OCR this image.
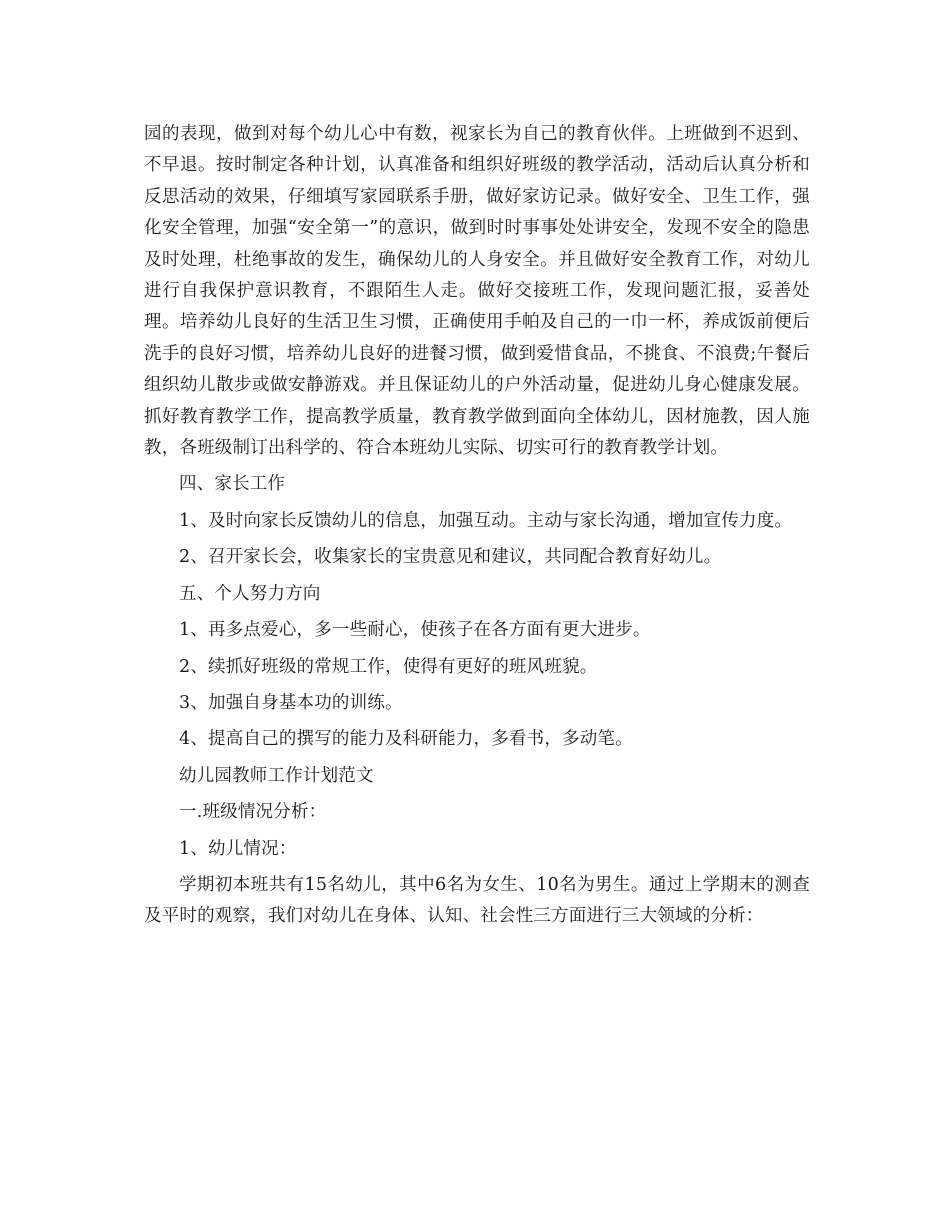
园的表现，做到对每个幼儿心中有数，视家长为自己的教育伙伴。上班做到不迟到、不早退。按时制定各种计划，认真准备和组织好班级的教学活动，活动后认真分析和反思活动的效果，仔细填写家园联系手册，做好家访记录。做好安全、卫生工作，强化安全管理，加强“安全第一”的意识，做到时时事事处处讲安全，发现不安全的隐患及时处理，杜绝事故的发生，确保幼儿的人身安全。并且做好安全教育工作，对幼儿进行自我保护意识教育，不跟陌生人走。做好交接班工作，发现问题汇报，妥善处理。培养幼儿良好的生活卫生习惯，正确使用手帕及自己的一巾一杯，养成饭前便后洗手的良好习惯，培养幼儿良好的进餐习惯，做到爱惜食品，不挑食、不浪费;午餐后组织幼儿散步或做安静游戏。并且保证幼儿的户外活动量，促进幼儿身心健康发展。抓好教育教学工作，提高教学质量，教育教学做到面向全体幼儿，因材施教，因人施教，各班级制订出科学的、符合本班幼儿实际、切实可行的教育教学计划。

四、家长工作

1、及时向家长反馈幼儿的信息，加强互动。主动与家长沟通，增加宣传力度。

2、召开家长会，收集家长的宝贵意见和建议，共同配合教育好幼儿。

五、个人努力方向

1、再多点爱心，多一些耐心，使孩子在各方面有更大进步。

2、续抓好班级的常规工作，使得有更好的班风班貌。

3、加强自身基本功的训练。

4、提高自己的撰写的能力及科研能力，多看书，多动笔。

幼儿园教师工作计划范文

一.班级情况分析：

1、幼儿情况：

学期初本班共有15名幼儿，其中6名为女生、10名为男生。通过上学期末的测查及平时的观察，我们对幼儿在身体、认知、社会性三方面进行三大领域的分析：
